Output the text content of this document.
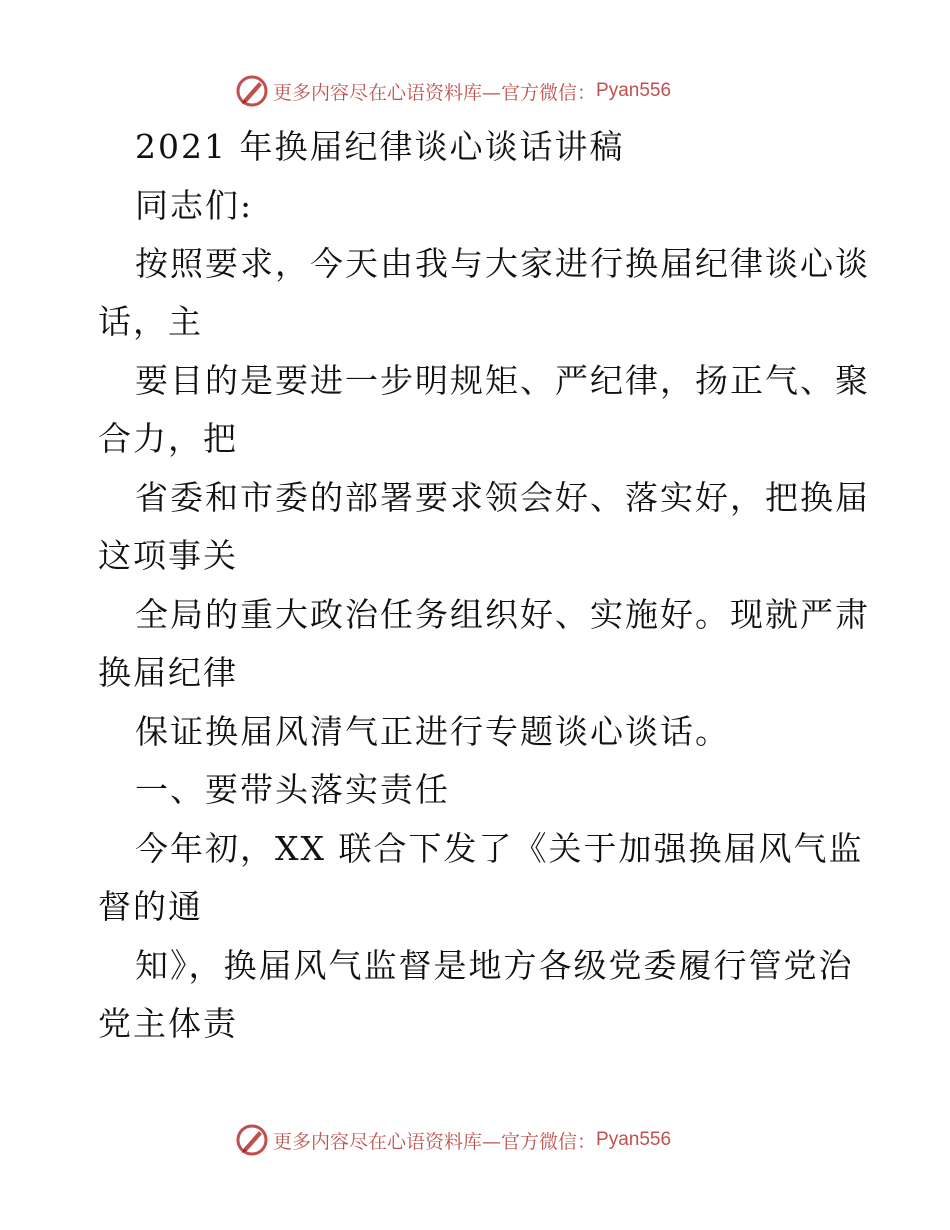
更多内容尽在心语资料库—官方微信： Pyan556
2021 年换届纪律谈心谈话讲稿
同志们:
按照要求，今天由我与大家进行换届纪律谈心谈
话，主
要目的是要进一步明规矩、严纪律，扬正气、聚
合力，把
省委和市委的部署要求领会好、落实好，把换届
这项事关
全局的重大政治任务组织好、实施好。现就严肃
换届纪律
保证换届风清气正进行专题谈心谈话。
一、要带头落实责任
今年初，XX 联合下发了《关于加强换届风气监
督的通
知》，换届风气监督是地方各级党委履行管党治
党主体责
更多内容尽在心语资料库—官方微信： Pyan556
